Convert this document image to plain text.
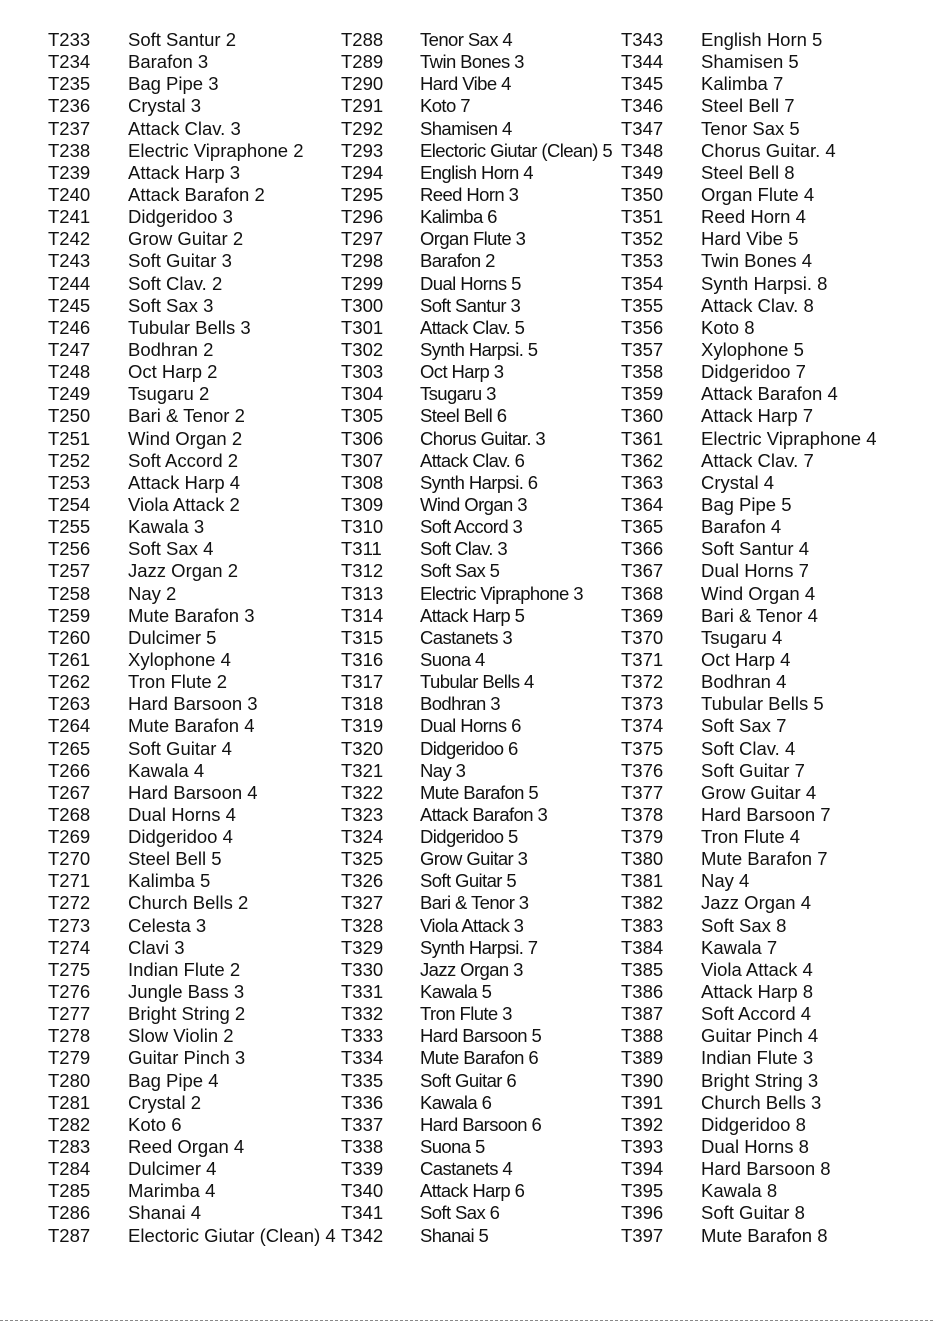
T233 Soft Santur 2
T234 Barafon 3
T235 Bag Pipe 3
T236 Crystal 3
T237 Attack Clav. 3
T238 Electric Vipraphone 2
T239 Attack Harp 3
T240 Attack Barafon 2
T241 Didgeridoo 3
T242 Grow Guitar 2
T243 Soft Guitar 3
T244 Soft Clav. 2
T245 Soft Sax 3
T246 Tubular Bells 3
T247 Bodhran 2
T248 Oct Harp 2
T249 Tsugaru 2
T250 Bari & Tenor 2
T251 Wind Organ 2
T252 Soft Accord 2
T253 Attack Harp 4
T254 Viola Attack 2
T255 Kawala 3
T256 Soft Sax 4
T257 Jazz Organ 2
T258 Nay 2
T259 Mute Barafon 3
T260 Dulcimer 5
T261 Xylophone 4
T262 Tron Flute 2
T263 Hard Barsoon 3
T264 Mute Barafon 4
T265 Soft Guitar 4
T266 Kawala 4
T267 Hard Barsoon 4
T268 Dual Horns 4
T269 Didgeridoo 4
T270 Steel Bell 5
T271 Kalimba 5
T272 Church Bells 2
T273 Celesta 3
T274 Clavi 3
T275 Indian Flute 2
T276 Jungle Bass 3
T277 Bright String 2
T278 Slow Violin 2
T279 Guitar Pinch 3
T280 Bag Pipe 4
T281 Crystal 2
T282 Koto 6
T283 Reed Organ 4
T284 Dulcimer 4
T285 Marimba 4
T286 Shanai 4
T287 Electoric Giutar (Clean) 4
T288 Tenor Sax 4
T289 Twin Bones 3
T290 Hard Vibe 4
T291 Koto 7
T292 Shamisen 4
T293 Electoric Giutar (Clean) 5
T294 English Horn 4
T295 Reed Horn 3
T296 Kalimba 6
T297 Organ Flute 3
T298 Barafon 2
T299 Dual Horns 5
T300 Soft Santur 3
T301 Attack Clav. 5
T302 Synth Harpsi. 5
T303 Oct Harp 3
T304 Tsugaru 3
T305 Steel Bell 6
T306 Chorus Guitar. 3
T307 Attack Clav. 6
T308 Synth Harpsi. 6
T309 Wind Organ 3
T310 Soft Accord 3
T311 Soft Clav. 3
T312 Soft Sax 5
T313 Electric Vipraphone 3
T314 Attack Harp 5
T315 Castanets 3
T316 Suona 4
T317 Tubular Bells 4
T318 Bodhran 3
T319 Dual Horns 6
T320 Didgeridoo 6
T321 Nay 3
T322 Mute Barafon 5
T323 Attack Barafon 3
T324 Didgeridoo 5
T325 Grow Guitar 3
T326 Soft Guitar 5
T327 Bari & Tenor 3
T328 Viola Attack 3
T329 Synth Harpsi. 7
T330 Jazz Organ 3
T331 Kawala 5
T332 Tron Flute 3
T333 Hard Barsoon 5
T334 Mute Barafon 6
T335 Soft Guitar 6
T336 Kawala 6
T337 Hard Barsoon 6
T338 Suona 5
T339 Castanets 4
T340 Attack Harp 6
T341 Soft Sax 6
T342 Shanai 5
T343 English Horn 5
T344 Shamisen 5
T345 Kalimba 7
T346 Steel Bell 7
T347 Tenor Sax 5
T348 Chorus Guitar. 4
T349 Steel Bell 8
T350 Organ Flute 4
T351 Reed Horn 4
T352 Hard Vibe 5
T353 Twin Bones 4
T354 Synth Harpsi. 8
T355 Attack Clav. 8
T356 Koto 8
T357 Xylophone 5
T358 Didgeridoo 7
T359 Attack Barafon 4
T360 Attack Harp 7
T361 Electric Vipraphone 4
T362 Attack Clav. 7
T363 Crystal 4
T364 Bag Pipe 5
T365 Barafon 4
T366 Soft Santur 4
T367 Dual Horns 7
T368 Wind Organ 4
T369 Bari & Tenor 4
T370 Tsugaru 4
T371 Oct Harp 4
T372 Bodhran 4
T373 Tubular Bells 5
T374 Soft Sax 7
T375 Soft Clav. 4
T376 Soft Guitar 7
T377 Grow Guitar 4
T378 Hard Barsoon 7
T379 Tron Flute 4
T380 Mute Barafon 7
T381 Nay 4
T382 Jazz Organ 4
T383 Soft Sax 8
T384 Kawala 7
T385 Viola Attack 4
T386 Attack Harp 8
T387 Soft Accord 4
T388 Guitar Pinch 4
T389 Indian Flute 3
T390 Bright String 3
T391 Church Bells 3
T392 Didgeridoo 8
T393 Dual Horns 8
T394 Hard Barsoon 8
T395 Kawala 8
T396 Soft Guitar 8
T397 Mute Barafon 8
